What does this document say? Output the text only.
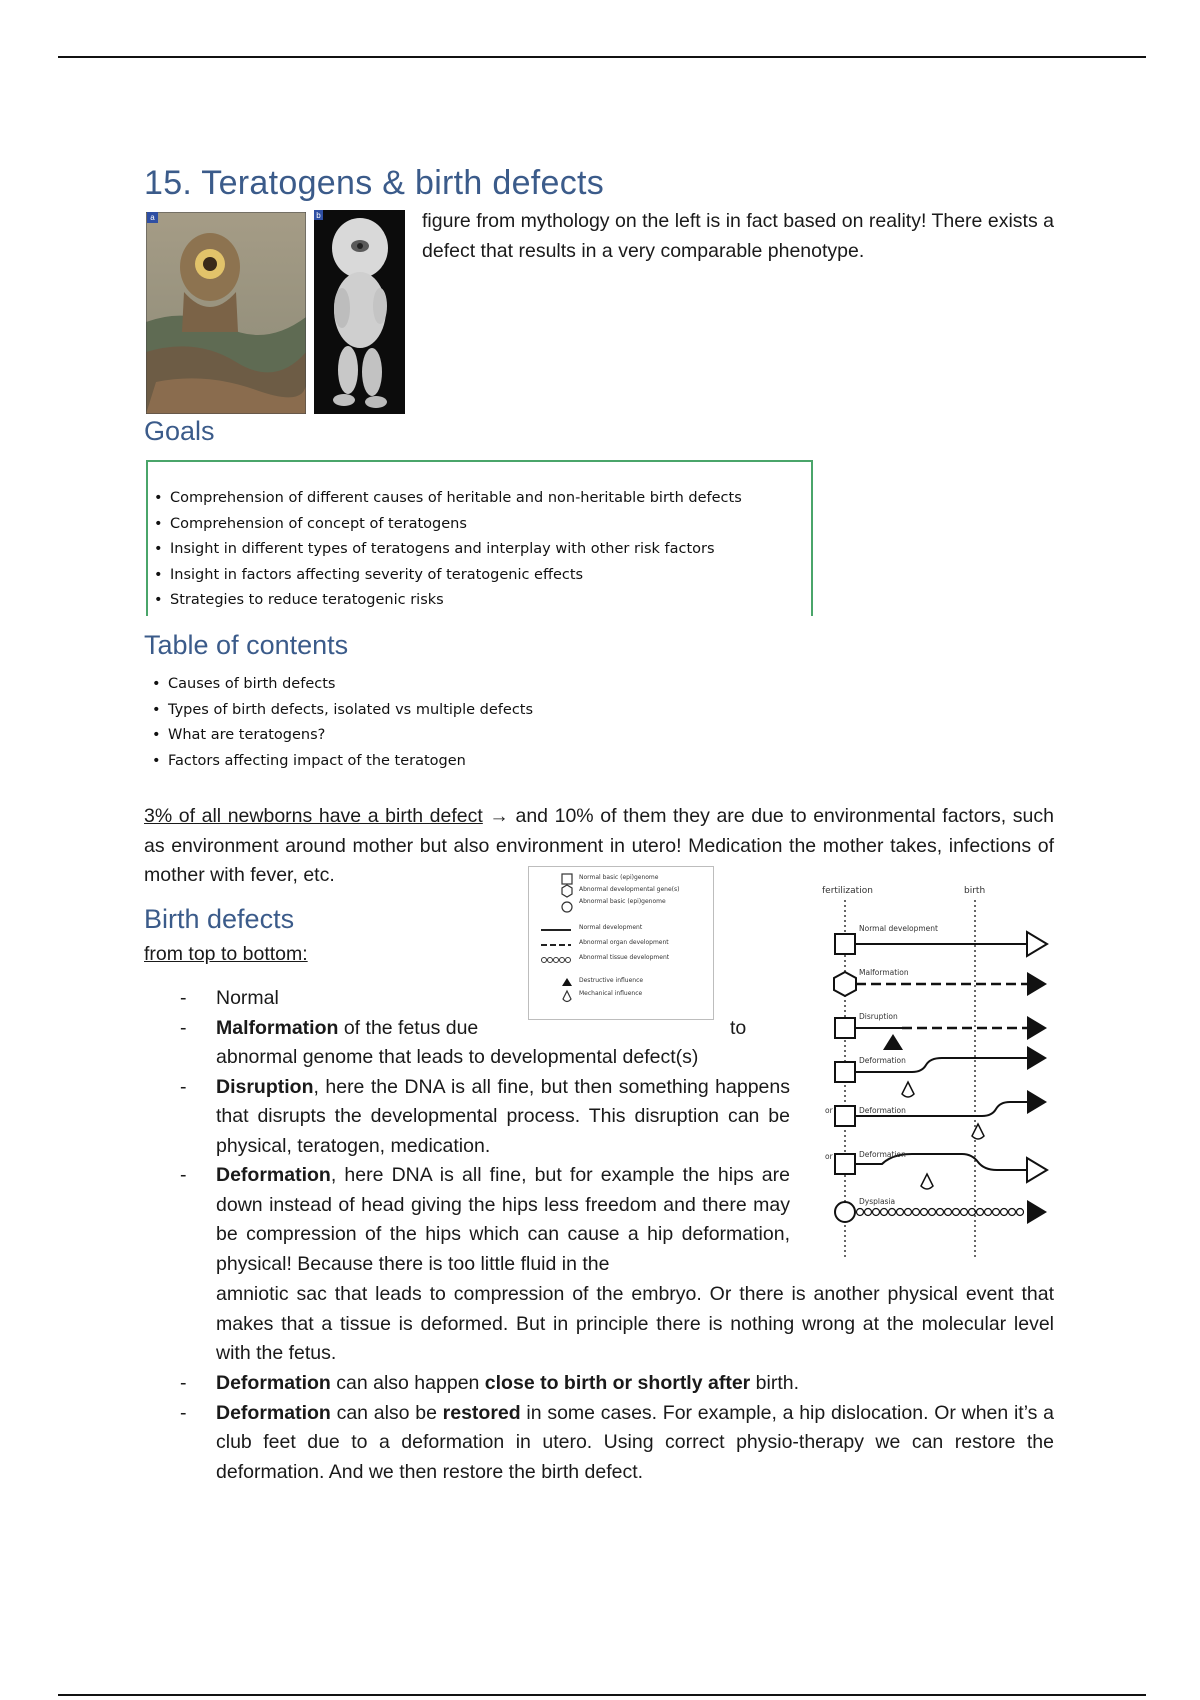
15. Teratogens & birth defects
a	b	figure from mythology on the left is in fact based on reality! There exists a defect that results in a very comparable phenotype.
Goals
• Comprehension of different causes of heritable and non-heritable birth defects
• Comprehension of concept of teratogens
• Insight in different types of teratogens and interplay with other risk factors
• Insight in factors affecting severity of teratogenic effects
• Strategies to reduce teratogenic risks
Table of contents
• Causes of birth defects
• Types of birth defects, isolated vs multiple defects
• What are teratogens?
• Factors affecting impact of the teratogen
3% of all newborns have a birth defect → and 10% of them they are due to environmental factors, such as environment around mother but also environment in utero! Medication the mother takes, infections of mother with fever, etc.
Birth defects
from top to bottom:
Normal basic (epi)genome
Abnormal developmental gene(s)
Abnormal basic (epi)genome
Normal development
Abnormal organ development
Abnormal tissue development
Destructive influence
Mechanical influence
fertilization	birth
Normal development
Malformation
Disruption
Deformation
or	Deformation
or	Deformation
Dysplasia
- Normal
- Malformation of the fetus due	to

abnormal genome that leads to developmental defect(s)
- Disruption, here the DNA is all fine, but then something happens that disrupts the developmental process. This disruption can be physical, teratogen, medication.
- Deformation, here DNA is all fine, but for example the hips are down instead of head giving the hips less freedom and there may be compression of the hips which can cause a hip deformation, physical! Because there is too little fluid in the
amniotic sac that leads to compression of the embryo. Or there is another physical event that makes that a tissue is deformed. But in principle there is nothing wrong at the molecular level with the fetus.
- Deformation can also happen close to birth or shortly after birth.
- Deformation can also be restored in some cases. For example, a hip dislocation. Or when it’s a club feet due to a deformation in utero. Using correct physio-therapy we can restore the deformation. And we then restore the birth defect.
